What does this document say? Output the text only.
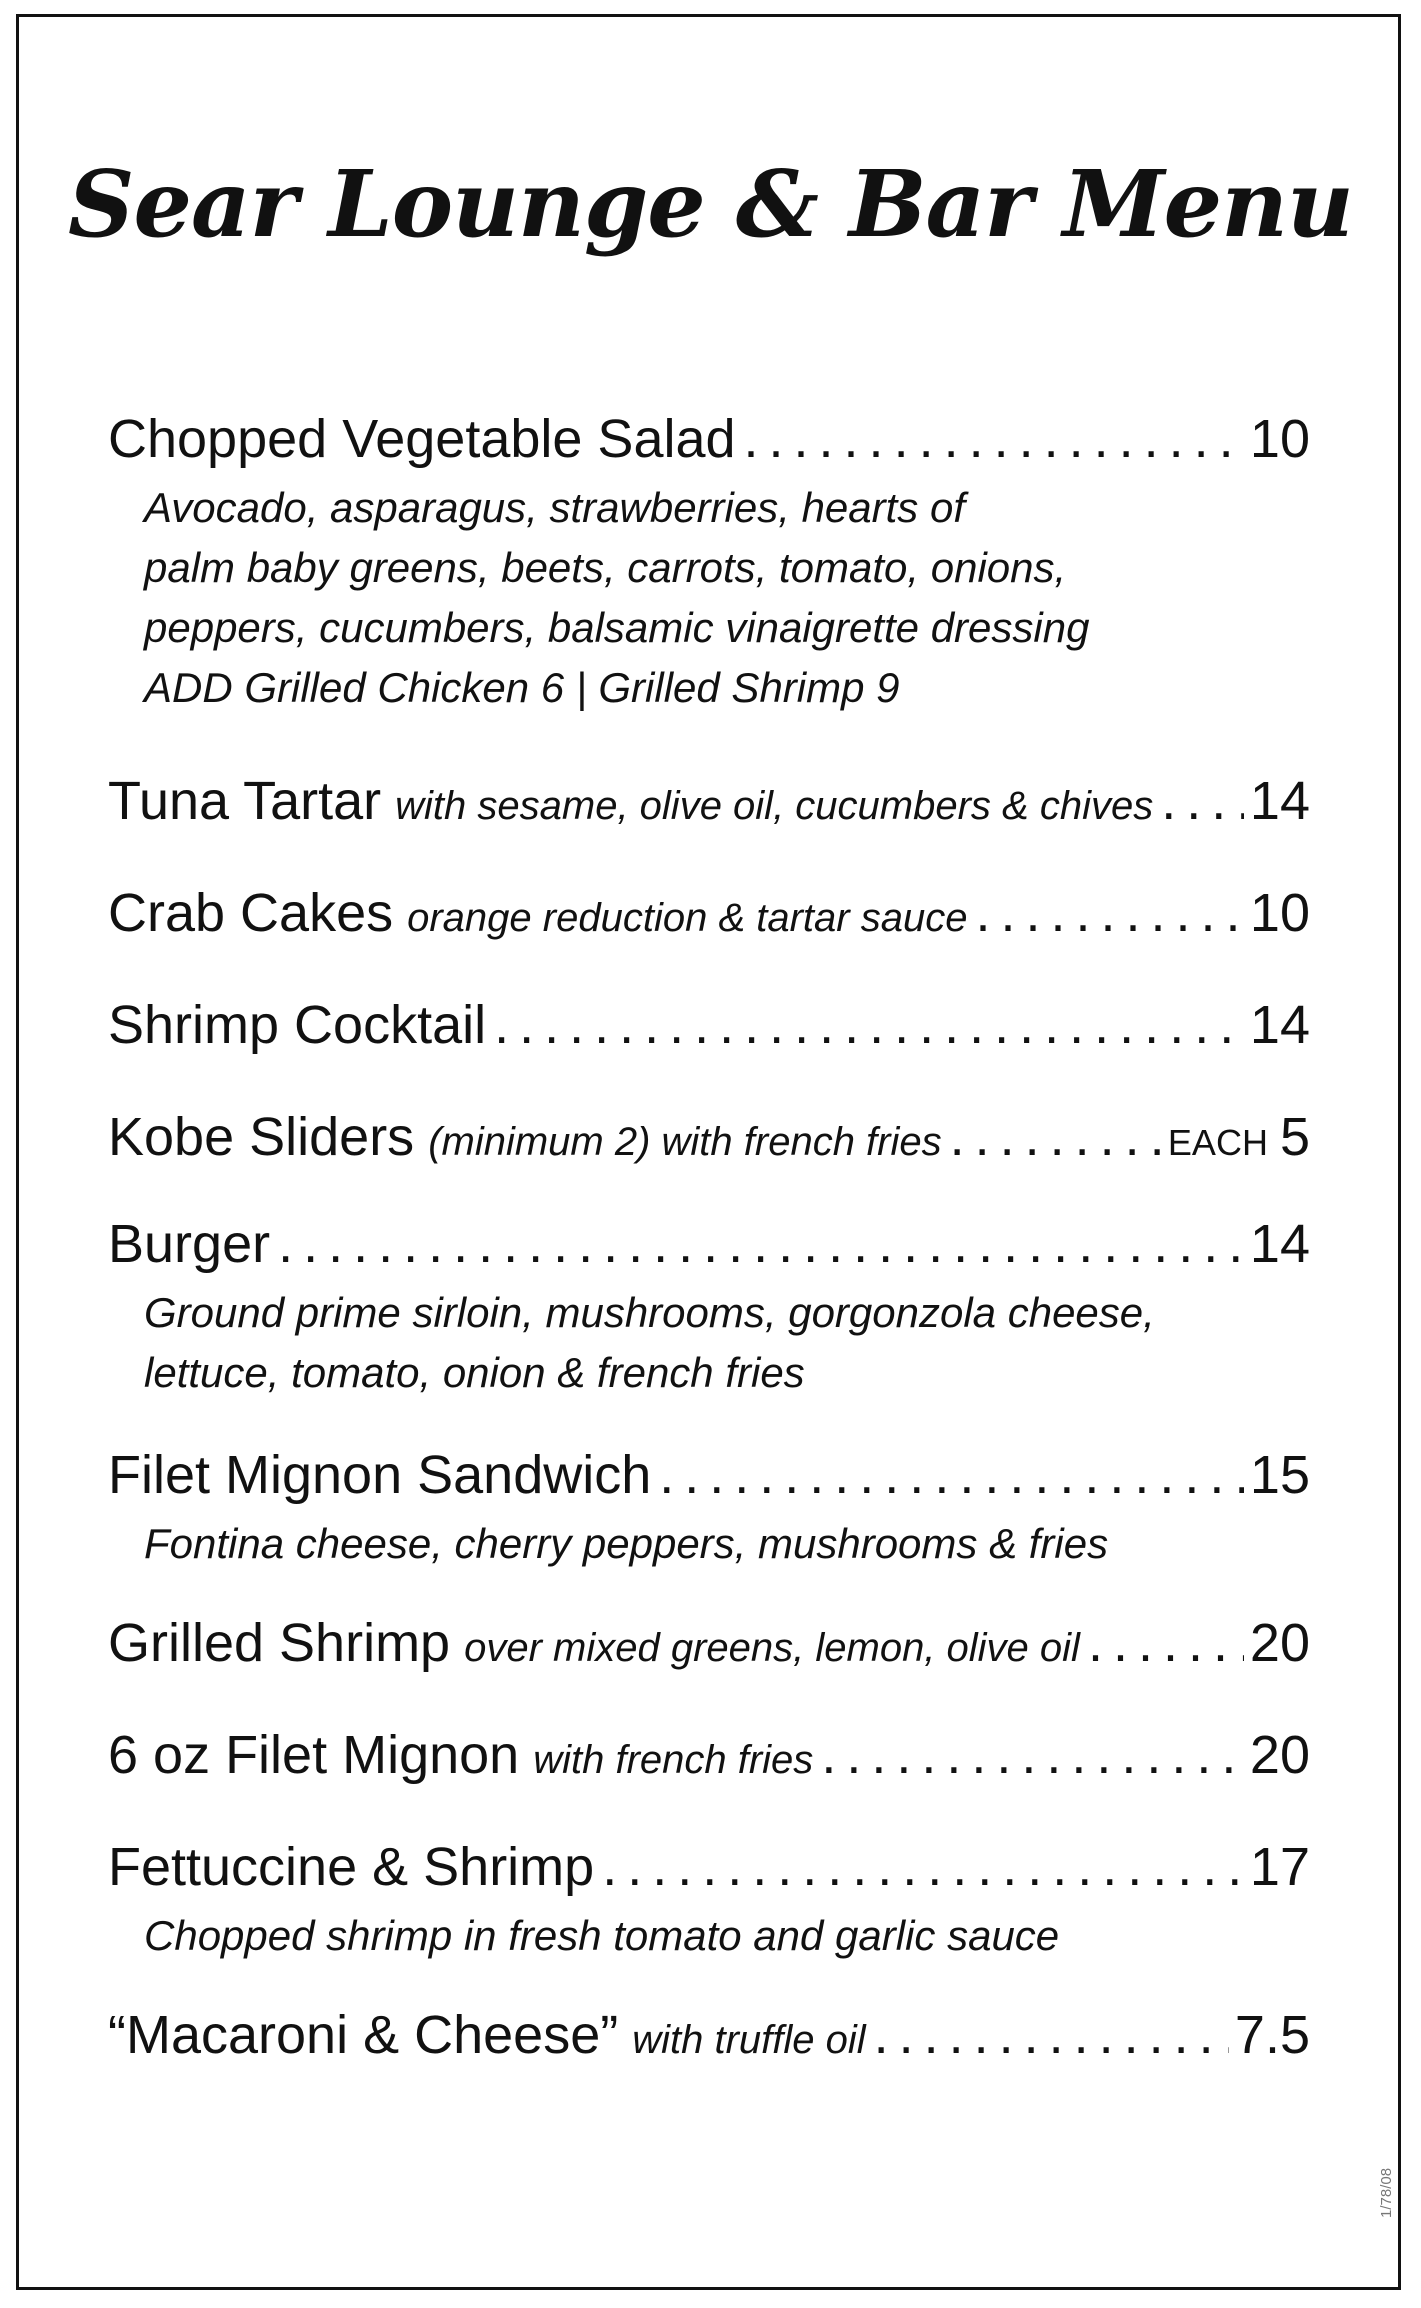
Sear Lounge & Bar Menu
Chopped Vegetable Salad .....	10
Avocado, asparagus, strawberries, hearts of
palm baby greens, beets, carrots, tomato, onions,
peppers, cucumbers, balsamic vinaigrette dressing
ADD Grilled Chicken 6 | Grilled Shrimp 9
Tuna Tartar with sesame, olive oil, cucumbers & chives ..... 14
Crab Cakes orange reduction & tartar sauce .....	10
Shrimp Cocktail .....	14
Kobe Sliders (minimum 2) with french fries .....	EACH 5
Burger .....	14
Ground prime sirloin, mushrooms, gorgonzola cheese,
lettuce, tomato, onion & french fries
Filet Mignon Sandwich .....	15
Fontina cheese, cherry peppers, mushrooms & fries
Grilled Shrimp over mixed greens, lemon, olive oil .....	20
6 oz Filet Mignon with french fries .....	20
Fettuccine & Shrimp .....	17
Chopped shrimp in fresh tomato and garlic sauce
“Macaroni & Cheese” with truffle oil .....	7.5
1/78/08
